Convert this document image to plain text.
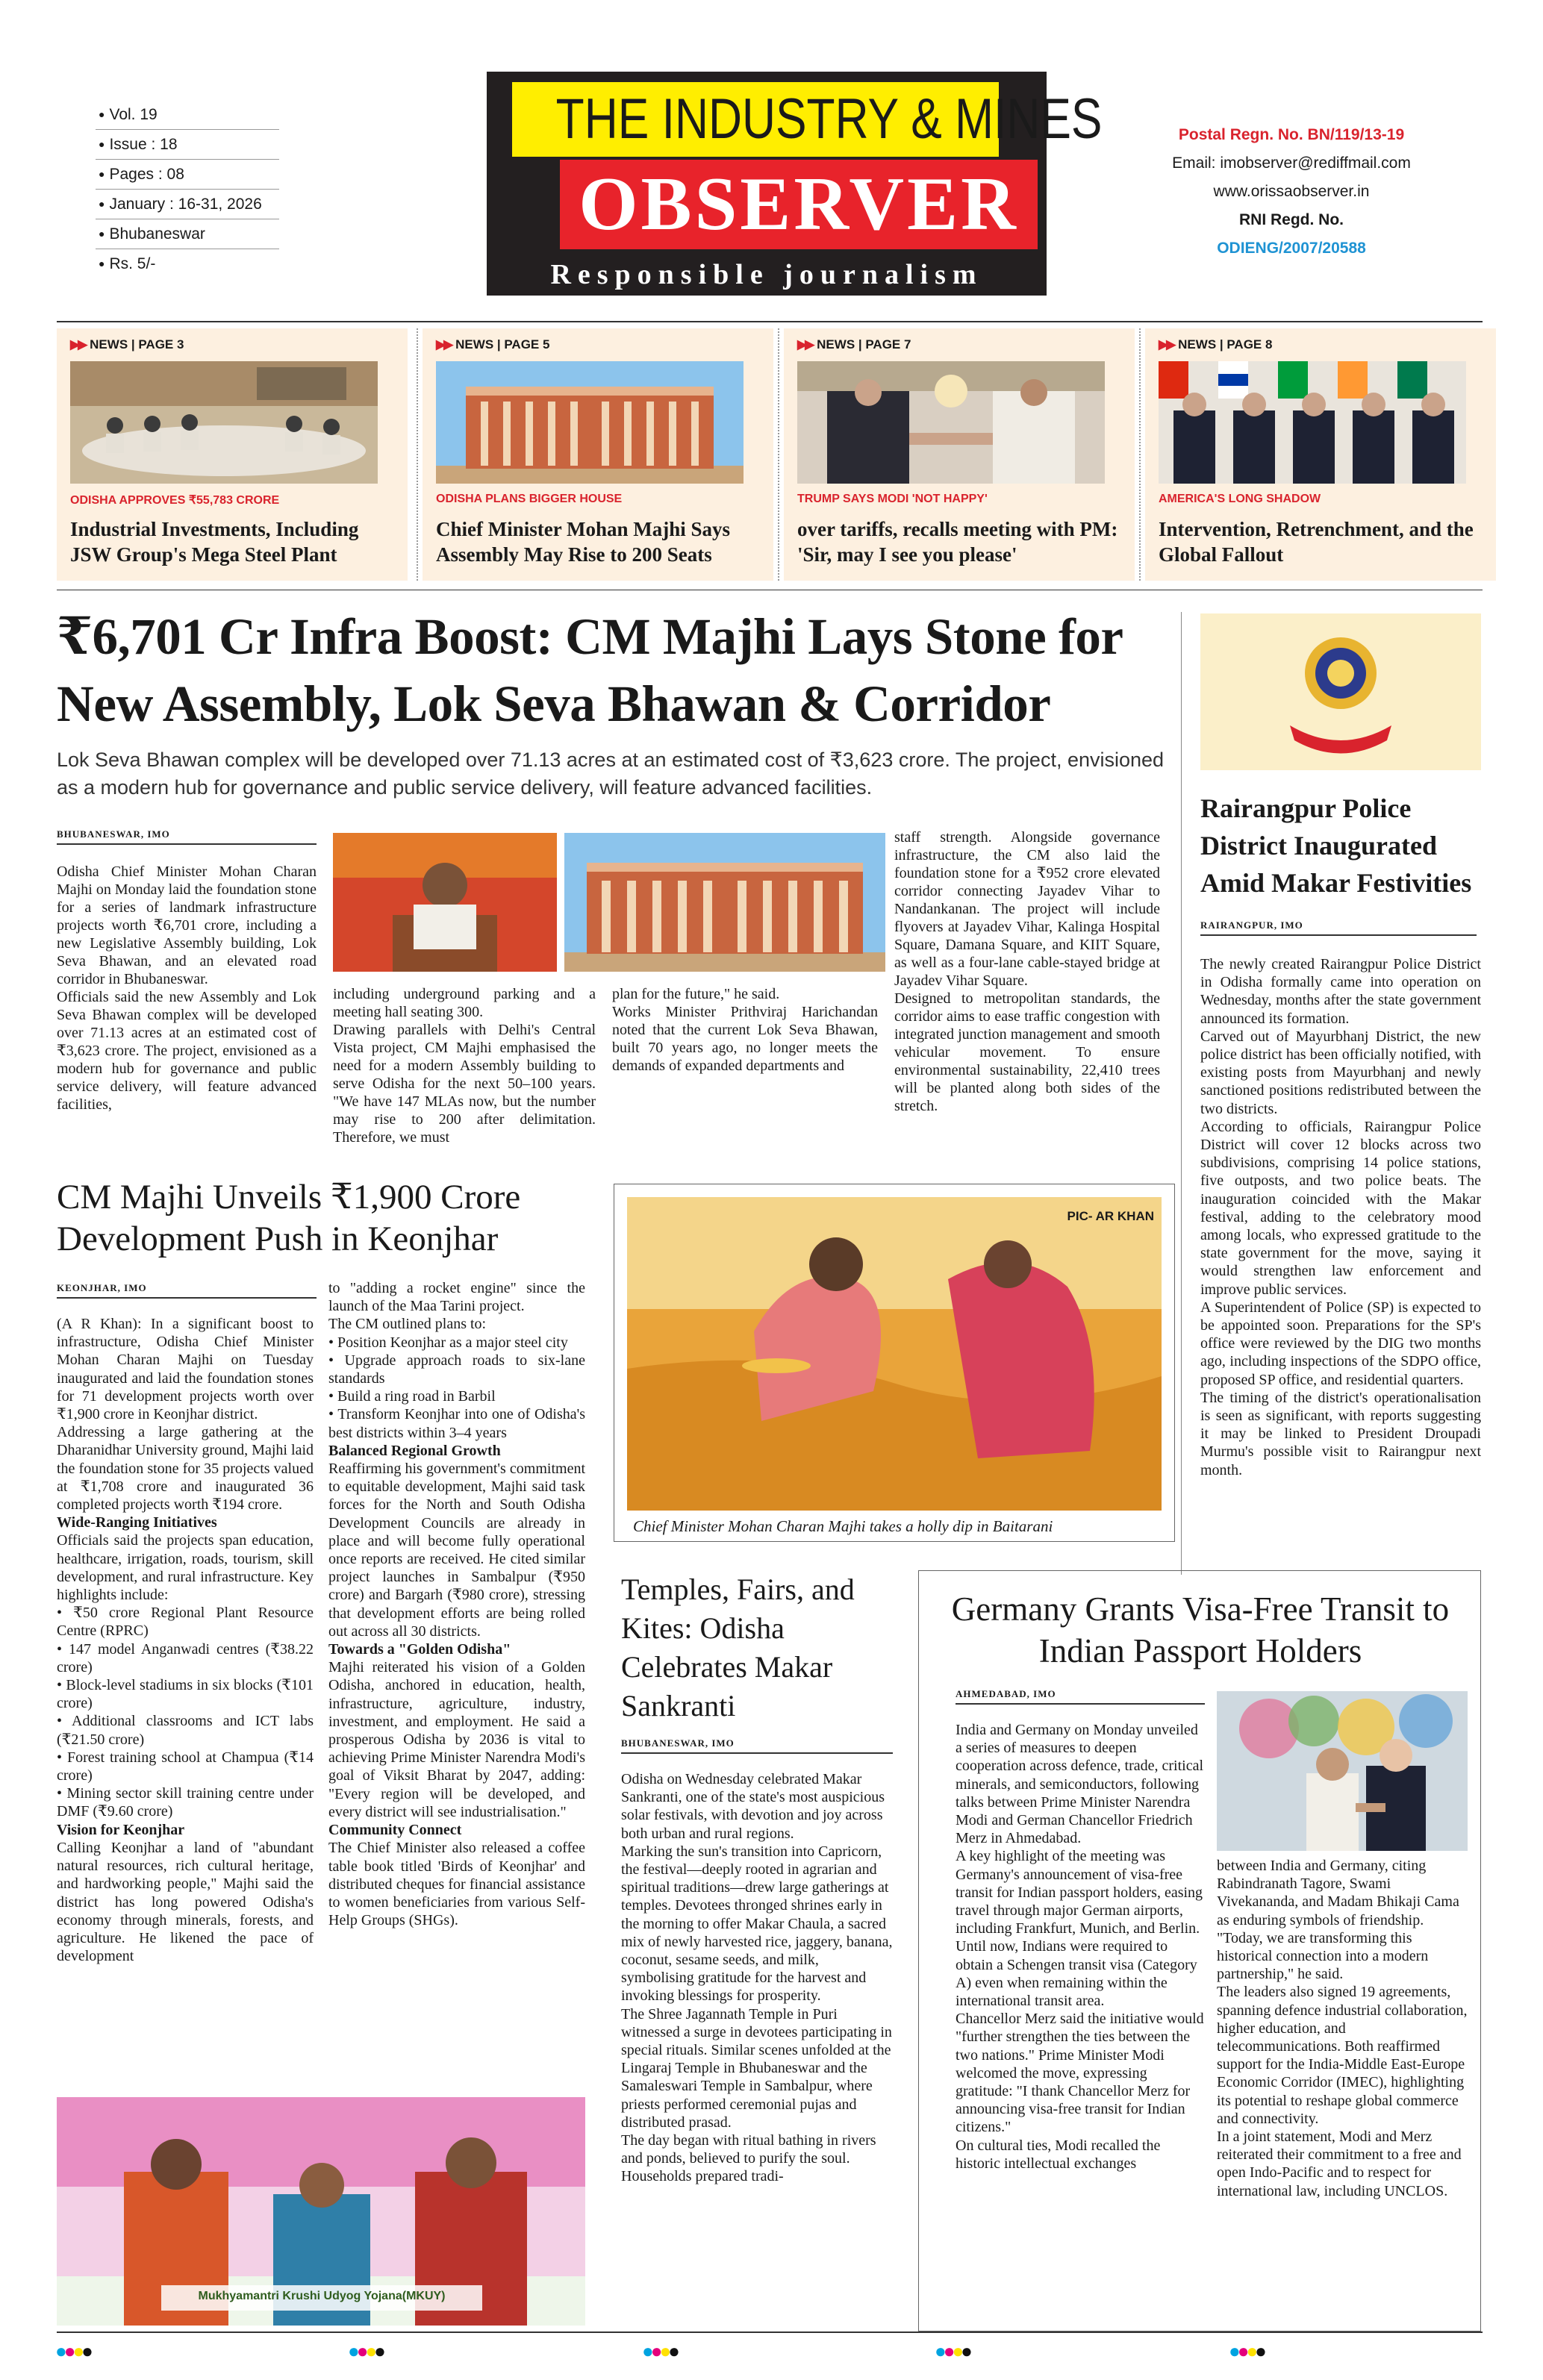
● Vol. 19
● Issue : 18
● Pages : 08
● January : 16-31, 2026
● Bhubaneswar
● Rs. 5/-
THE INDUSTRY & MINES
OBSERVER
Responsible journalism
Postal Regn. No. BN/119/13-19
Email: imobserver@rediffmail.com
www.orissaobserver.in
RNI Regd. No.
ODIENG/2007/20588
▶▶ NEWS | PAGE 3
ODISHA APPROVES ₹55,783 CRORE
Industrial Investments, Including JSW Group's Mega Steel Plant
▶▶ NEWS | PAGE 5
ODISHA PLANS BIGGER HOUSE
Chief Minister Mohan Majhi Says Assembly May Rise to 200 Seats
▶▶ NEWS | PAGE 7
TRUMP SAYS MODI 'NOT HAPPY'
over tariffs, recalls meeting with PM: 'Sir, may I see you please'
▶▶ NEWS | PAGE 8
AMERICA'S LONG SHADOW
Intervention, Retrenchment, and the Global Fallout
₹6,701 Cr Infra Boost: CM Majhi Lays Stone for New Assembly, Lok Seva Bhawan & Corridor
Lok Seva Bhawan complex will be developed over 71.13 acres at an estimated cost of ₹3,623 crore. The project, envisioned as a modern hub for governance and public service delivery, will feature advanced facilities.
BHUBANESWAR, IMO

Odisha Chief Minister Mohan Charan Majhi on Monday laid the foundation stone for a series of landmark infrastructure projects worth ₹6,701 crore, including a new Legislative Assembly building, Lok Seva Bhawan, and an elevated road corridor in Bhubaneswar.

Officials said the new Assembly and Lok Seva Bhawan complex will be developed over 71.13 acres at an estimated cost of ₹3,623 crore. The project, envisioned as a modern hub for governance and public service delivery, will feature advanced facilities,

including underground parking and a meeting hall seating 300.

Drawing parallels with Delhi's Central Vista project, CM Majhi emphasised the need for a modern Assembly building to serve Odisha for the next 50–100 years. "We have 147 MLAs now, but the number may rise to 200 after delimitation. Therefore, we must

plan for the future," he said.

Works Minister Prithviraj Harichandan noted that the current Lok Seva Bhawan, built 70 years ago, no longer meets the demands of expanded departments and

staff strength. Alongside governance infrastructure, the CM also laid the foundation stone for a ₹952 crore elevated corridor connecting Jayadev Vihar to Nandankanan. The project will include flyovers at Jayadev Vihar, Kalinga Hospital Square, Damana Square, and KIIT Square, as well as a four-lane cable-stayed bridge at Jayadev Vihar Square.

Designed to metropolitan standards, the corridor aims to ease traffic congestion with integrated junction management and smooth vehicular movement. To ensure environmental sustainability, 22,410 trees will be planted along both sides of the stretch.

Rairangpur Police District Inaugurated Amid Makar Festivities
RAIRANGPUR, IMO

The newly created Rairangpur Police District in Odisha formally came into operation on Wednesday, months after the state government announced its formation.

Carved out of Mayurbhanj District, the new police district has been officially notified, with existing posts from Mayurbhanj and newly sanctioned positions redistributed between the two districts.

According to officials, Rairangpur Police District will cover 12 blocks across two subdivisions, comprising 14 police stations, five outposts, and two police beats. The inauguration coincided with the Makar festival, adding to the celebratory mood among locals, who expressed gratitude to the state government for the move, saying it would strengthen law enforcement and improve public services.

A Superintendent of Police (SP) is expected to be appointed soon. Preparations for the SP's office were reviewed by the DIG two months ago, including inspections of the SDPO office, proposed SP office, and residential quarters.

The timing of the district's operationalisation is seen as significant, with reports suggesting it may be linked to President Droupadi Murmu's possible visit to Rairangpur next month.

CM Majhi Unveils ₹1,900 Crore Development Push in Keonjhar
KEONJHAR, IMO

(A R Khan): In a significant boost to infrastructure, Odisha Chief Minister Mohan Charan Majhi on Tuesday inaugurated and laid the foundation stones for 71 development projects worth over ₹1,900 crore in Keonjhar district.

Addressing a large gathering at the Dharanidhar University ground, Majhi laid the foundation stone for 35 projects valued at ₹1,708 crore and inaugurated 36 completed projects worth ₹194 crore.

Wide-Ranging Initiatives

Officials said the projects span education, healthcare, irrigation, roads, tourism, skill development, and rural infrastructure. Key highlights include:

• ₹50 crore Regional Plant Resource Centre (RPRC)

• 147 model Anganwadi centres (₹38.22 crore)

• Block-level stadiums in six blocks (₹101 crore)

• Additional classrooms and ICT labs (₹21.50 crore)

• Forest training school at Champua (₹14 crore)

• Mining sector skill training centre under DMF (₹9.60 crore)

Vision for Keonjhar

Calling Keonjhar a land of "abundant natural resources, rich cultural heritage, and hardworking people," Majhi said the district has long powered Odisha's economy through minerals, forests, and agriculture. He likened the pace of development

to "adding a rocket engine" since the launch of the Maa Tarini project.

The CM outlined plans to:

• Position Keonjhar as a major steel city

• Upgrade approach roads to six-lane standards

• Build a ring road in Barbil

• Transform Keonjhar into one of Odisha's best districts within 3–4 years

Balanced Regional Growth

Reaffirming his government's commitment to equitable development, Majhi said task forces for the North and South Odisha Development Councils are already in place and will become fully operational once reports are received. He cited similar project launches in Sambalpur (₹950 crore) and Bargarh (₹980 crore), stressing that development efforts are being rolled out across all 30 districts.

Towards a "Golden Odisha"

Majhi reiterated his vision of a Golden Odisha, anchored in education, health, infrastructure, agriculture, industry, investment, and employment. He said a prosperous Odisha by 2036 is vital to achieving Prime Minister Narendra Modi's goal of Viksit Bharat by 2047, adding: "Every region will be developed, and every district will see industrialisation."

Community Connect

The Chief Minister also released a coffee table book titled 'Birds of Keonjhar' and distributed cheques for financial assistance to women beneficiaries from various Self-Help Groups (SHGs).

Mukhyamantri Krushi Udyog Yojana(MKUY)
PIC- AR KHAN
Chief Minister Mohan Charan Majhi takes a holly dip in Baitarani
Temples, Fairs, and Kites: Odisha Celebrates Makar Sankranti
BHUBANESWAR, IMO

Odisha on Wednesday celebrated Makar Sankranti, one of the state's most auspicious solar festivals, with devotion and joy across both urban and rural regions.

Marking the sun's transition into Capricorn, the festival—deeply rooted in agrarian and spiritual traditions—drew large gatherings at temples. Devotees thronged shrines early in the morning to offer Makar Chaula, a sacred mix of newly harvested rice, jaggery, banana, coconut, sesame seeds, and milk, symbolising gratitude for the harvest and invoking blessings for prosperity.

The Shree Jagannath Temple in Puri witnessed a surge in devotees participating in special rituals. Similar scenes unfolded at the Lingaraj Temple in Bhubaneswar and the Samaleswari Temple in Sambalpur, where priests performed ceremonial pujas and distributed prasad.

The day began with ritual bathing in rivers and ponds, believed to purify the soul. Households prepared tradi-

Germany Grants Visa-Free Transit to Indian Passport Holders
AHMEDABAD, IMO

India and Germany on Monday unveiled a series of measures to deepen cooperation across defence, trade, critical minerals, and semiconductors, following talks between Prime Minister Narendra Modi and German Chancellor Friedrich Merz in Ahmedabad.

A key highlight of the meeting was Germany's announcement of visa-free transit for Indian passport holders, easing travel through major German airports, including Frankfurt, Munich, and Berlin. Until now, Indians were required to obtain a Schengen transit visa (Category A) even when remaining within the international transit area.

Chancellor Merz said the initiative would "further strengthen the ties between the two nations." Prime Minister Modi welcomed the move, expressing gratitude: "I thank Chancellor Merz for announcing visa-free transit for Indian citizens."

On cultural ties, Modi recalled the historic intellectual exchanges

between India and Germany, citing Rabindranath Tagore, Swami Vivekananda, and Madam Bhikaji Cama as enduring symbols of friendship. "Today, we are transforming this historical connection into a modern partnership," he said.

The leaders also signed 19 agreements, spanning defence industrial collaboration, higher education, and telecommunications. Both reaffirmed support for the India-Middle East-Europe Economic Corridor (IMEC), highlighting its potential to reshape global commerce and connectivity.

In a joint statement, Modi and Merz reiterated their commitment to a free and open Indo-Pacific and to respect for international law, including UNCLOS.

●●●●	●●●●	●●●●	●●●●	●●●●
